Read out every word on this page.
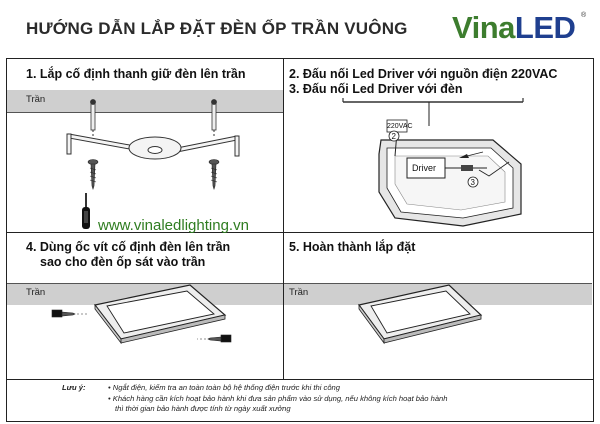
HƯỚNG DẪN LẮP ĐẶT ĐÈN ỐP TRẦN VUÔNG VinaLED ®
1. Lắp cố định thanh giữ đèn lên trần
Trần
www.vinaledlighting.vn
2. Đấu nối Led Driver với nguồn điện 220VAC
3. Đấu nối Led Driver với đèn
220VAC
2
Driver
3
4. Dùng ốc vít cố định đèn lên trần
sao cho đèn ốp sát vào trần
Trần
5. Hoàn thành lắp đặt
Trần
Lưu ý:	• Ngắt điện, kiểm tra an toàn toàn bộ hệ thống điện trước khi thi công
• Khách hàng cần kích hoạt bảo hành khi đưa sản phẩm vào sử dụng, nếu không kích hoạt bảo hành
thì thời gian bảo hành được tính từ ngày xuất xưởng
